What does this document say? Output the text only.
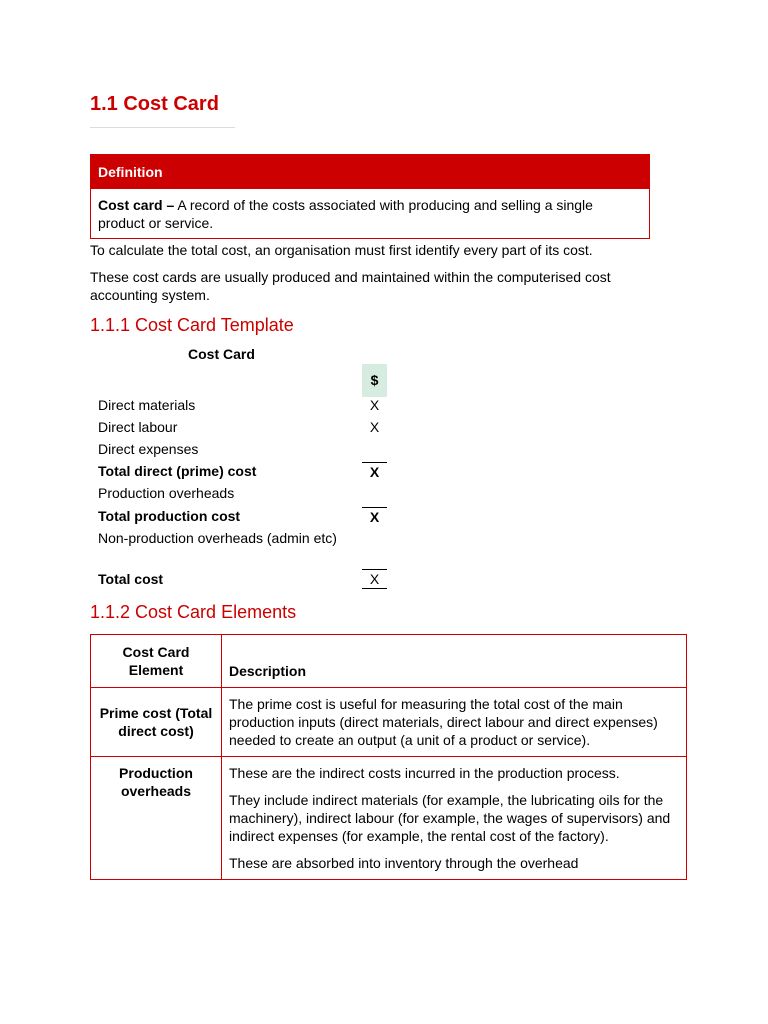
1.1 Cost Card
Definition
Cost card – A record of the costs associated with producing and selling a single product or service.
To calculate the total cost, an organisation must first identify every part of its cost.
These cost cards are usually produced and maintained within the computerised cost accounting system.
1.1.1 Cost Card Template
Cost Card
$
Direct materials	X
Direct labour	X
Direct expenses
Total direct (prime) cost	X
Production overheads
Total production cost	X
Non-production overheads (admin etc)
Total cost	X
1.1.2 Cost Card Elements
Cost Card Element	Description
Prime cost (Total direct cost)	The prime cost is useful for measuring the total cost of the main production inputs (direct materials, direct labour and direct expenses) needed to create an output (a unit of a product or service).

Production overheads	These are the indirect costs incurred in the production process.

They include indirect materials (for example, the lubricating oils for the machinery), indirect labour (for example, the wages of supervisors) and indirect expenses (for example, the rental cost of the factory).

These are absorbed into inventory through the overhead
